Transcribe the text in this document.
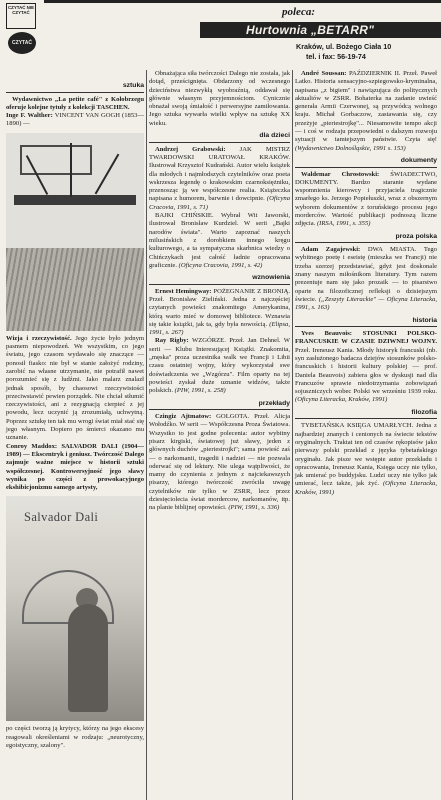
CZYTAĆ NIE CZYTAĆ
CZYTAĆ
poleca:
Hurtownia „BETARR"
Kraków, ul. Bożego Ciała 10
tel. i fax: 56-19-74
sztuka

Wydawnictwo „La petite café" z Kołobrzegu oferuje kolejne tytuły z kolekcji TASCHEN.

Inge F. Walther: VINCENT VAN GOGH (1853—1890) —

Wizja i rzeczywistość. Jego życie było jednym pasmem niepowodzeń. We wszystkim, co jego światu, jego czasom wydawało się znaczące — ponosił fiasko: nie był w stanie założyć rodziny, zarobić na własne utrzymanie, nie potrafił nawet porozumieć się z ludźmi. Jako malarz znalazł jednak sposób, by chaosowi rzeczywistości przeciwstawić pewien porządek. Nie chciał stłumić rzeczywistości, ani z rezygnacją cierpieć z jej powodu, lecz uczynić ją zrozumiałą, uchwytną. Poprzez sztukę ten tak mu wrogi świat miał stać się jego własnym. Dopiero po śmierci okazano mu uznanie.

Conroy Maddox: SALVADOR DALI (1904—1989) — Ekscentryk i geniusz. Twórczość Dalego zajmuje ważne miejsce w historii sztuki współczesnej. Kontrowersyjność jego sławy wynika po części z prowokacyjnego ekshibicjonizmu samego artysty,

Salvador Dali

po części tworzą ją krytycy, którzy na jego ekscesy reagowali określeniami w rodzaju: „neurotyczny, egoistyczny, szalony".

Obnażająca siła twórczości Dalego nie została, jak dotąd, prześcignięta. Obdarzony od wczesnego dzieciństwa niezwykłą wyobraźnią, oddawał się głównie własnym przyjemnościom. Cynicznie obnażał swoją śmiałość i perwersyjne zamiłowania. Jego sztuka wywarła wielki wpływ na sztukę XX wieku.

dla dzieci

Andrzej Grabowski: JAK MISTRZ TWARDOWSKI URATOWAŁ KRAKÓW. Ilustrował Krzysztof Kudrański. Autor wielu książek dla młodych i najmłodszych czytelników oraz poeta wskrzesza legendę o krakowskim czarnoksiężniku, przenosząc ją we współczesne realia. Książeczka napisana z humorem, barwnie i dowcipnie. (Oficyna Cracovia, 1991, s. 71)

BAJKI CHIŃSKIE. Wybrał Wit Jaworski, ilustrował Bronisław Kurdziel. W serii „Bajki narodów świata". Warto zapoznać naszych milusińskich z dorobkiem innego kręgu kulturowego, a ta sympatyczna skarbnica wiedzy o Chińczykach jest całość ładnie opracowana graficznie. (Oficyna Cracovia, 1991, s. 42)

wznowienia

Ernest Hemingway: POŻEGNANIE Z BRONIĄ. Przeł. Bronisław Zieliński. Jedna z najczęściej czytanych powieści znakomitego Amerykanina, którą warto mieć w domowej bibliotece. Wznawia się takie książki, jak ta, gdy była nowością. (Elipsa, 1991, s. 267)

Ray Rigby: WZGÓRZE. Przeł. Jan Dehnel. W serii — Klubu Interesującej Książki. Znakomita, „męska" proza uczestnika walk we Francji i Libii czasu ostatniej wojny, który wykorzystał swe doświadczenia we „Wzgórzu". Film oparty na tej powieści zyskał duże uznanie widzów, także polskich. (PIW, 1991, s. 258)

przekłady

Czingiz Ajtmatow: GOLGOTA. Przeł. Alicja Wołodźko. W serii — Współczesna Proza Światowa. Wszystko to jest godne polecenia: autor wybitny pisarz kirgiski, światowej już sławy, jeden z głównych duchów „pieriestrojki"; sama powieść zaś — o narkomanii, tragedii i nadziei — nie pozwala oderwać się od lektury. Nie ulega wątpliwości, że mamy do czynienia z jednym z najciekawszych pisarzy, którego twórczość zwróciła uwagę czytelników nie tylko w ZSRR, lecz przez dziesięciolecia świat mordercow, narkomanów, itp. na planie biblijnej opowieści. (PIW, 1991, s. 336)

André Soussan: PAŹDZIERNIK II. Przeł. Paweł Latko. Historia sensacyjno-szpiegowsko-kryminalna, napisana „z bigiem" i nawiązująca do politycznych aktualiów w ZSRR. Bohaterka na zadanie uwieść generała Armii Czerwonej, są przywódcą wolnego kraju. Michał Gorbaczow, zastawania się, czy przeżyje „pieriestrojkę"... Niesamowite tempo akcji — i coś w rodzaju przepowiedni o dalszym rozwoju sytuacji w tamtejszym państwie. Czyta się! (Wydawnictwo Dolnośląskie, 1991 s. 153)

dokumenty

Waldemar Chrostowski: ŚWIADECTWO, DOKUMENTY. Bardzo staranie wydane wspomnienia kierowcy i przyjaciela tragicznie zmarłego ks. Jerzego Popiełuszki, wraz z obszernym wyborem dokumentów z toruńskiego procesu jego morderców. Wartość publikacji podnoszą liczne zdjęcia. (IRSA, 1991, s. 355)

proza polska

Adam Zagajewski: DWA MIASTA. Tego wybitnego poetę i eseistę (mieszka we Francji) nie trzeba szerzej przedstawiać, gdyż jest doskonale znany naszym miłośnikom literatury. Tym razem prezentuje nam się jako prozaik — to pisarstwo oparte na filozoficznej refleksji o dzisiejszym świecie. („Zeszyty Literackie" — Oficyna Literacka, 1991, s. 163)

historia

Yves Beauvois: STOSUNKI POLSKO-FRANCUSKIE W CZASIE DZIWNEJ WOJNY. Przeł. Ireneusz Kania. Młody historyk francuski (nb. syn zasłużonego badacza dziejów stosunków polsko-francuskich i historii kultury polskiej — prof. Daniela Beauvois) zabiera głos w dyskusji nad dla Francuzów sprawie niedotrzymania zobowiązań sojuszniczych wobec Polski we wrześniu 1939 roku. (Oficyna Literacka, Kraków, 1991)

filozofia

TYBETAŃSKA KSIĘGA UMARŁYCH. Jedna z najbardziej znanych i cenionych na świecie tekstów oryginalnych. Traktat ten od czasów rękopisów jako pierwszy polski przekład z języka tybetańskiego oryginału. Jak pisze we wstępie autor przekładu i opracowania, Ireneusz Kania, Księga uczy nie tylko, jak umierać po buddyjsku. Ludzi uczy nie tylko jak umierać, lecz także, jak żyć. (Oficyna Literacka, Kraków, 1991)
